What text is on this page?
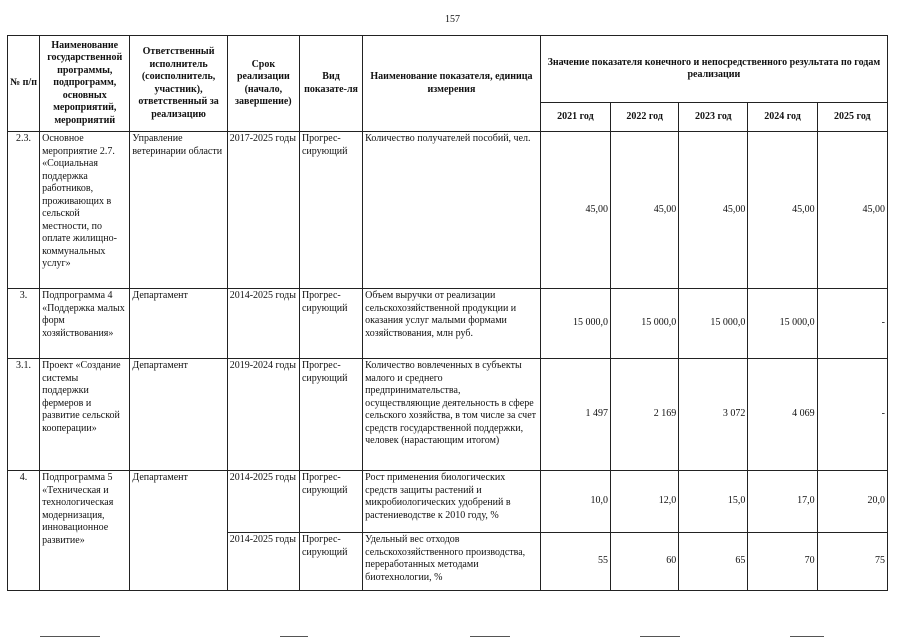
157
№ п/п	Наименование государственной программы, подпрограмм, основных мероприятий, мероприятий	Ответственный исполнитель (соисполнитель, участник), ответственный за реализацию	Срок реализации (начало, завершение)	Вид показате-ля	Наименование показателя, единица измерения	Значение показателя конечного и непосредственного результата по годам реализации				
						2021 год	2022 год	2023 год	2024 год	2025 год
2.3.	Основное мероприятие 2.7. «Социальная поддержка работников, проживающих в сельской местности, по оплате жилищно-коммунальных услуг»	Управление ветеринарии области	2017-2025 годы	Прогрес-сирующий	Количество получателей пособий, чел.	45,00	45,00	45,00	45,00	45,00
3.	Подпрограмма 4 «Поддержка малых форм хозяйствования»	Департамент	2014-2025 годы	Прогрес-сирующий	Объем выручки от реализации сельскохозяйственной продукции и оказания услуг малыми формами хозяйствования, млн руб.	15 000,0	15 000,0	15 000,0	15 000,0	-
3.1.	Проект «Создание системы поддержки фермеров и развитие сельской кооперации»	Департамент	2019-2024 годы	Прогрес-сирующий	Количество вовлеченных в субъекты малого и среднего предпринимательства, осуществляющие деятельность в сфере сельского хозяйства, в том числе за счет средств государственной поддержки, человек (нарастающим итогом)	1 497	2 169	3 072	4 069	-
4.	Подпрограмма 5 «Техническая и технологическая модернизация, инновационное развитие»	Департамент	2014-2025 годы	Прогрес-сирующий	Рост применения биологических средств защиты растений и микробиологических удобрений в растениеводстве к 2010 году, %	10,0	12,0	15,0	17,0	20,0
			2014-2025 годы	Прогрес-сирующий	Удельный вес отходов сельскохозяйственного производства, переработанных методами биотехнологии, %	55	60	65	70	75
